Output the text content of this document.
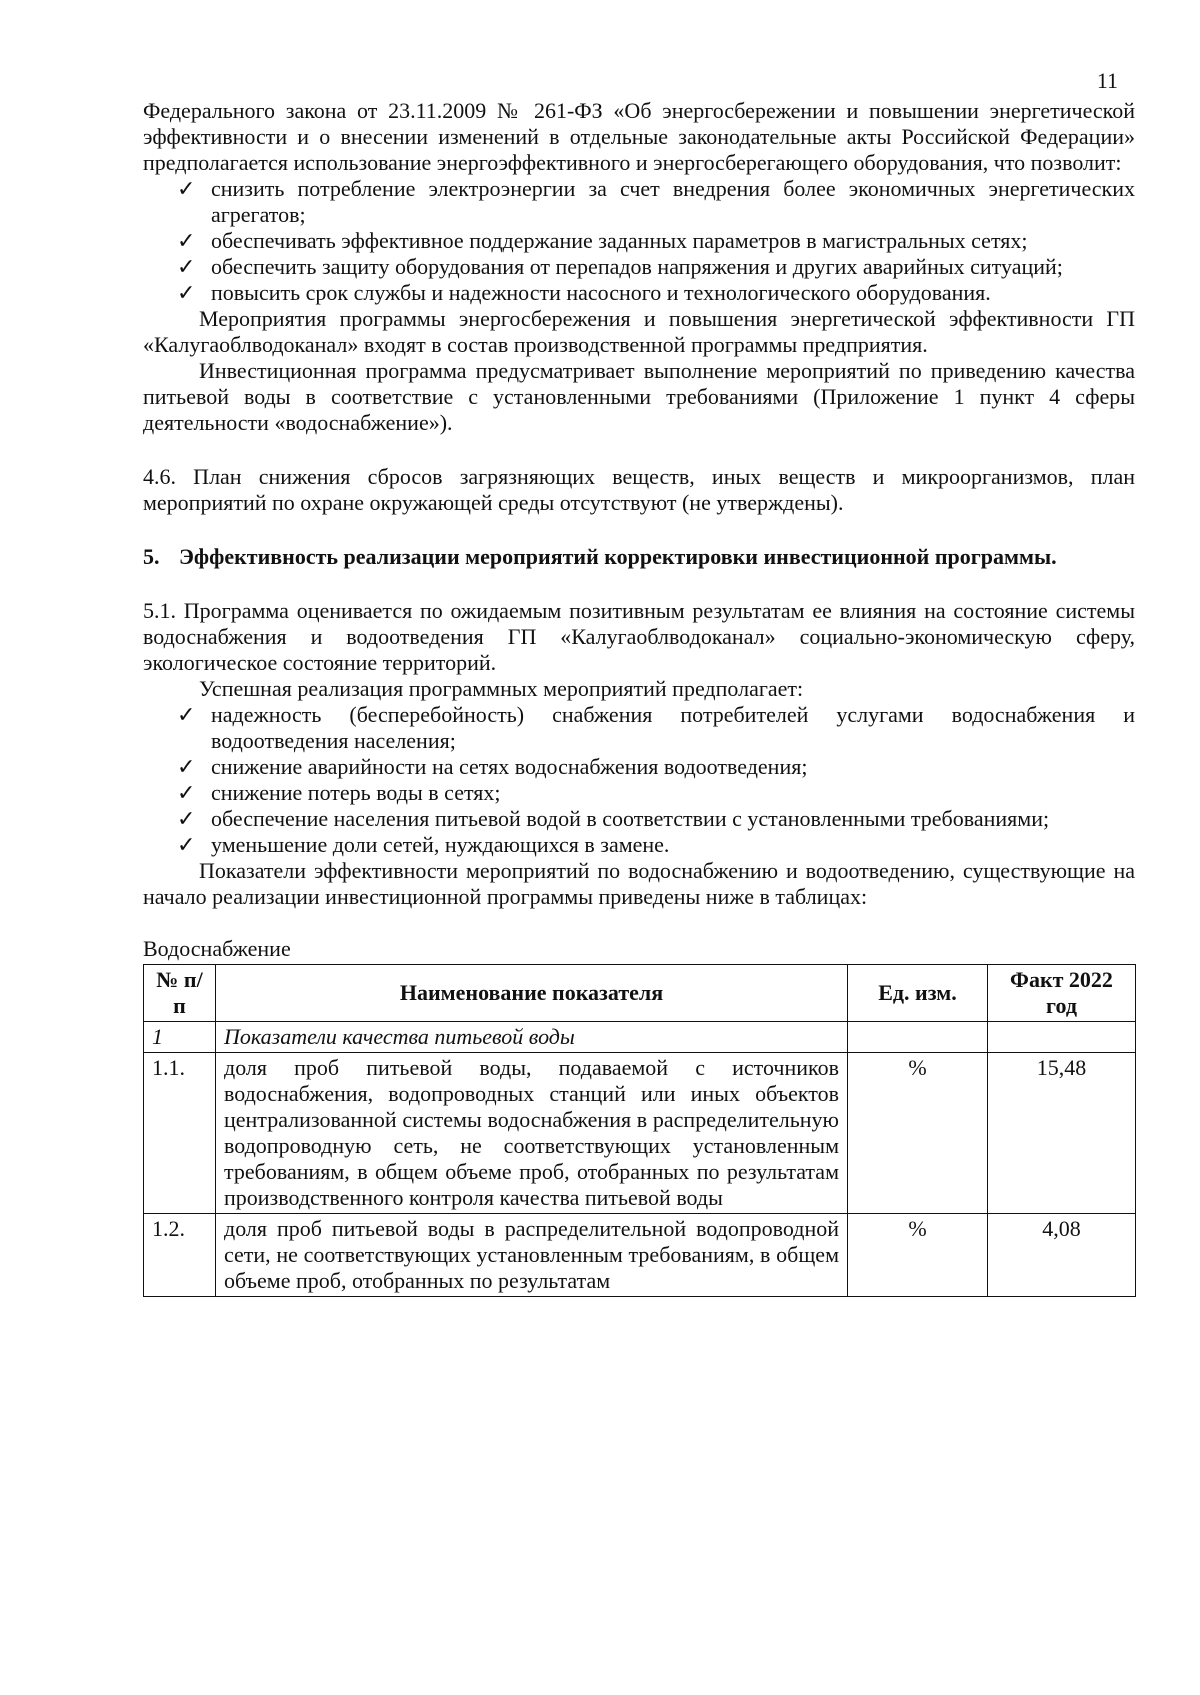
11

Федерального закона от 23.11.2009 № 261-ФЗ «Об энергосбережении и повышении энергетической эффективности и о внесении изменений в отдельные законодательные акты Российской Федерации» предполагается использование энергоэффективного и энергосберегающего оборудования, что позволит:

✓ снизить потребление электроэнергии за счет внедрения более экономичных энергетических агрегатов;
✓ обеспечивать эффективное поддержание заданных параметров в магистральных сетях;
✓ обеспечить защиту оборудования от перепадов напряжения и других аварийных ситуаций;
✓ повысить срок службы и надежности насосного и технологического оборудования.

Мероприятия программы энергосбережения и повышения энергетической эффективности ГП «Калугаоблводоканал» входят в состав производственной программы предприятия.

Инвестиционная программа предусматривает выполнение мероприятий по приведению качества питьевой воды в соответствие с установленными требованиями (Приложение 1 пункт 4 сферы деятельности «водоснабжение»).

4.6. План снижения сбросов загрязняющих веществ, иных веществ и микроорганизмов, план мероприятий по охране окружающей среды отсутствуют (не утверждены).

5. Эффективность реализации мероприятий корректировки инвестиционной программы.

5.1. Программа оценивается по ожидаемым позитивным результатам ее влияния на состояние системы водоснабжения и водоотведения ГП «Калугаоблводоканал» социально-экономическую сферу, экологическое состояние территорий.

Успешная реализация программных мероприятий предполагает:

✓ надежность (бесперебойность) снабжения потребителей услугами водоснабжения и водоотведения населения;
✓ снижение аварийности на сетях водоснабжения водоотведения;
✓ снижение потерь воды в сетях;
✓ обеспечение населения питьевой водой в соответствии с установленными требованиями;
✓ уменьшение доли сетей, нуждающихся в замене.

Показатели эффективности мероприятий по водоснабжению и водоотведению, существующие на начало реализации инвестиционной программы приведены ниже в таблицах:

Водоснабжение

№ п/п	Наименование показателя	Ед. изм.	Факт 2022 год
1	Показатели качества питьевой воды		
1.1.	доля проб питьевой воды, подаваемой с источников водоснабжения, водопроводных станций или иных объектов централизованной системы водоснабжения в распределительную водопроводную сеть, не соответствующих установленным требованиям, в общем объеме проб, отобранных по результатам производственного контроля качества питьевой воды	%	15,48
1.2.	доля проб питьевой воды в распределительной водопроводной сети, не соответствующих установленным требованиям, в общем объеме проб, отобранных по результатам	%	4,08
